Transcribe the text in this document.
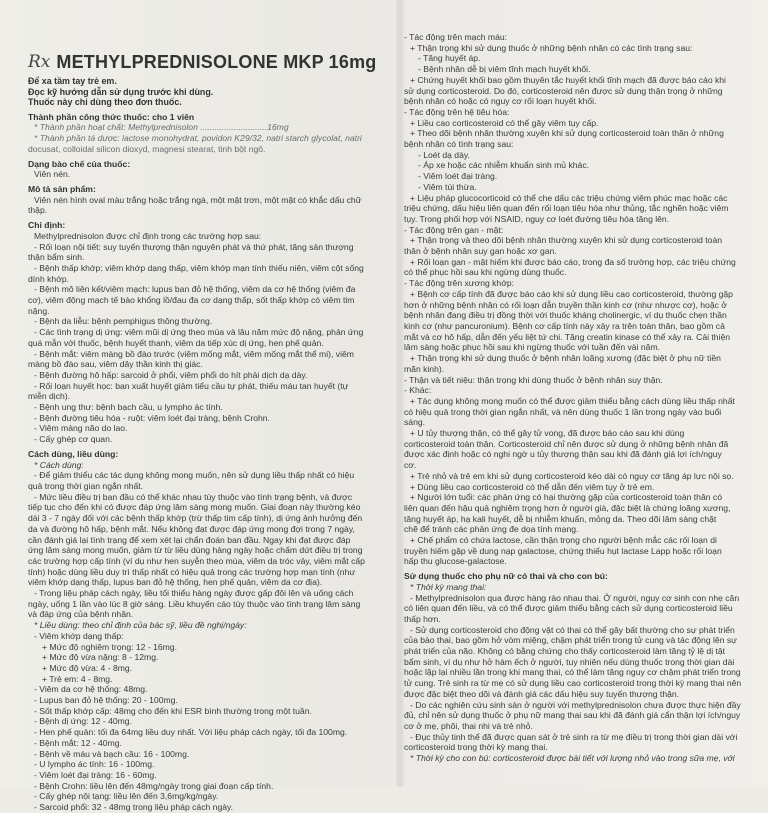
Rx METHYLPREDNISOLONE MKP 16mg
Để xa tầm tay trẻ em.
Đọc kỹ hướng dẫn sử dụng trước khi dùng.
Thuốc này chỉ dùng theo đơn thuốc.
Thành phần công thức thuốc: cho 1 viên
* Thành phần hoạt chất: Methylprednisolon ............................16mg
* Thành phần tá dược: lactose monohydrat, povidon K29/32, natri starch glycolat, natri
docusat, colloidal silicon dioxyd, magnesi stearat, tinh bột ngô.
Dạng bào chế của thuốc:
Viên nén.
Mô tả sản phẩm:
Viên nén hình oval màu trắng hoặc trắng ngà, một mặt trơn, một mặt có khắc dấu chữ
thập.
Chỉ định:
Methylprednisolon được chỉ định trong các trường hợp sau:
- Rối loạn nội tiết: suy tuyến thượng thận nguyên phát và thứ phát, tăng sản thượng
thận bẩm sinh.
- Bệnh thấp khớp: viêm khớp dạng thấp, viêm khớp mạn tính thiếu niên, viêm cột sống
dính khớp.
- Bệnh mô liên kết/viêm mạch: lupus ban đỏ hệ thống, viêm da cơ hệ thống (viêm đa
cơ), viêm động mạch tế bào khổng lồ/đau đa cơ dạng thấp, sốt thấp khớp có viêm tim
nặng.
- Bệnh da liễu: bệnh pemphigus thông thường.
- Các tình trạng dị ứng: viêm mũi dị ứng theo mùa và lâu năm mức độ nặng, phản ứng
quá mẫn với thuốc, bệnh huyết thanh, viêm da tiếp xúc dị ứng, hen phế quản.
- Bệnh mắt: viêm màng bồ đào trước (viêm mống mắt, viêm mống mắt thể mi), viêm
màng bồ đào sau, viêm dây thần kinh thị giác.
- Bệnh đường hô hấp: sarcoid ở phổi, viêm phổi do hít phải dịch dạ dày.
- Rối loạn huyết học: ban xuất huyết giảm tiểu cầu tự phát, thiếu máu tan huyết (tự
miễn dịch).
- Bệnh ung thư: bệnh bạch cầu, u lympho ác tính.
- Bệnh đường tiêu hóa - ruột: viêm loét đại tràng, bệnh Crohn.
- Viêm màng não do lao.
- Cấy ghép cơ quan.
Cách dùng, liều dùng:
* Cách dùng:
- Để giảm thiểu các tác dụng không mong muốn, nên sử dụng liều thấp nhất có hiệu
quả trong thời gian ngắn nhất.
- Mức liều điều trị ban đầu có thể khác nhau tùy thuộc vào tình trạng bệnh, và được
tiếp tục cho đến khi có được đáp ứng lâm sàng mong muốn. Giai đoạn này thường kéo
dài 3 - 7 ngày đối với các bệnh thấp khớp (trừ thấp tim cấp tính), dị ứng ảnh hưởng đến
da và đường hô hấp, bệnh mắt. Nếu không đạt được đáp ứng mong đợi trong 7 ngày,
cần đánh giá lại tình trạng để xem xét lại chẩn đoán ban đầu. Ngay khi đạt được đáp
ứng lâm sàng mong muốn, giảm từ từ liều dùng hàng ngày hoặc chấm dứt điều trị trong
các trường hợp cấp tính (ví dụ như hen suyễn theo mùa, viêm da tróc vảy, viêm mắt cấp
tính) hoặc dùng liều duy trì thấp nhất có hiệu quả trong các trường hợp mạn tính (như
viêm khớp dạng thấp, lupus ban đỏ hệ thống, hen phế quản, viêm da cơ địa).
- Trong liệu pháp cách ngày, liều tối thiểu hàng ngày được gấp đôi lên và uống cách
ngày, uống 1 lần vào lúc 8 giờ sáng. Liều khuyến cáo tùy thuộc vào tình trạng lâm sàng
và đáp ứng của bệnh nhân.
* Liều dùng: theo chỉ định của bác sỹ, liều đề nghị/ngày:
- Viêm khớp dạng thấp:
+ Mức độ nghiêm trọng: 12 - 16mg.
+ Mức độ vừa nặng: 8 - 12mg.
+ Mức độ vừa: 4 - 8mg.
+ Trẻ em: 4 - 8mg.
- Viêm da cơ hệ thống: 48mg.
- Lupus ban đỏ hệ thống: 20 - 100mg.
- Sốt thấp khớp cấp: 48mg cho đến khi ESR bình thường trong một tuần.
- Bệnh dị ứng: 12 - 40mg.
- Hen phế quản: tối đa 64mg liều duy nhất. Với liệu pháp cách ngày, tối đa 100mg.
- Bệnh mắt: 12 - 40mg.
- Bệnh về máu và bạch cầu: 16 - 100mg.
- U lympho ác tính: 16 - 100mg.
- Viêm loét đại tràng: 16 - 60mg.
- Bệnh Crohn: liều lên đến 48mg/ngày trong giai đoạn cấp tính.
- Cấy ghép nội tạng: liều lên đến 3,6mg/kg/ngày.
- Sarcoid phổi: 32 - 48mg trong liệu pháp cách ngày.
- Tác động trên mạch máu:
+ Thận trọng khi sử dụng thuốc ở những bệnh nhân có các tình trạng sau:
- Tăng huyết áp.
- Bệnh nhân dễ bị viêm tĩnh mạch huyết khối.
+ Chứng huyết khối bao gồm thuyên tắc huyết khối tĩnh mạch đã được báo cáo khi
sử dụng corticosteroid. Do đó, corticosteroid nên được sử dụng thận trọng ở những
bệnh nhân có hoặc có nguy cơ rối loạn huyết khối.
- Tác động trên hệ tiêu hóa:
+ Liều cao corticosteroid có thể gây viêm tụy cấp.
+ Theo dõi bệnh nhân thường xuyên khi sử dụng corticosteroid toàn thân ở những
bệnh nhân có tình trạng sau:
- Loét dạ dày.
- Áp xe hoặc các nhiễm khuẩn sinh mủ khác.
- Viêm loét đại tràng.
- Viêm túi thừa.
+ Liệu pháp glucocorticoid có thể che dấu các triệu chứng viêm phúc mạc hoặc các
triệu chứng, dấu hiệu liên quan đến rối loạn tiêu hóa như thủng, tắc nghẽn hoặc viêm
tụy. Trong phối hợp với NSAID, nguy cơ loét đường tiêu hóa tăng lên.
- Tác động trên gan - mật:
+ Thận trọng và theo dõi bệnh nhân thường xuyên khi sử dụng corticosteroid toàn
thân ở bệnh nhân suy gan hoặc xơ gan.
+ Rối loạn gan - mật hiếm khi được báo cáo, trong đa số trường hợp, các triệu chứng
có thể phục hồi sau khi ngừng dùng thuốc.
- Tác động trên xương khớp:
+ Bệnh cơ cấp tính đã được báo cáo khi sử dụng liều cao corticosteroid, thường gặp
hơn ở những bệnh nhân có rối loạn dẫn truyền thần kinh cơ (như nhược cơ), hoặc ở
bệnh nhân đang điều trị đồng thời với thuốc kháng cholinergic, ví dụ thuốc chẹn thần
kinh cơ (như pancuronium). Bệnh cơ cấp tính này xảy ra trên toàn thân, bao gồm cả
mắt và cơ hô hấp, dẫn đến yếu liệt tứ chi. Tăng creatin kinase có thể xảy ra. Cải thiện
lâm sàng hoặc phục hồi sau khi ngừng thuốc với tuần đến vài năm.
+ Thận trọng khi sử dụng thuốc ở bệnh nhân loãng xương (đặc biệt ở phụ nữ tiền
mãn kinh).
- Thận và tiết niệu: thận trọng khi dùng thuốc ở bệnh nhân suy thận.
- Khác:
+ Tác dụng không mong muốn có thể được giảm thiểu bằng cách dùng liều thấp nhất
có hiệu quả trong thời gian ngắn nhất, và nên dùng thuốc 1 lần trong ngày vào buổi
sáng.
+ U tủy thượng thận, có thể gây tử vong, đã được báo cáo sau khi dùng
corticosteroid toàn thân. Corticosteroid chỉ nên được sử dụng ở những bệnh nhân đã
được xác định hoặc có nghi ngờ u tủy thượng thận sau khi đã đánh giá lợi ích/nguy
cơ.
+ Trẻ nhỏ và trẻ em khi sử dụng corticosteroid kéo dài có nguy cơ tăng áp lực nội sọ.
+ Dùng liều cao corticosteroid có thể dẫn đến viêm tụy ở trẻ em.
+ Người lớn tuổi: các phản ứng có hại thường gặp của corticosteroid toàn thân có
liên quan đến hậu quả nghiêm trọng hơn ở người già, đặc biệt là chứng loãng xương,
tăng huyết áp, hạ kali huyết, dễ bị nhiễm khuẩn, mỏng da. Theo dõi lâm sàng chặt
chẽ để tránh các phản ứng đe dọa tính mạng.
+ Chế phẩm có chứa lactose, cần thận trọng cho người bệnh mắc các rối loạn di
truyền hiếm gặp về dung nạp galactose, chứng thiếu hụt lactase Lapp hoặc rối loạn
hấp thu glucose-galactose.
Sử dụng thuốc cho phụ nữ có thai và cho con bú:
* Thời kỳ mang thai:
- Methylprednisolon qua được hàng rào nhau thai. Ở người, nguy cơ sinh con nhẹ cân
có liên quan đến liều, và có thể được giảm thiểu bằng cách sử dụng corticosteroid liều
thấp hơn.
- Sử dụng corticosteroid cho động vật có thai có thể gây bất thường cho sự phát triển
của bào thai, bao gồm hở vòm miệng, chậm phát triển trong tử cung và tác động lên sự
phát triển của não. Không có bằng chứng cho thấy corticosteroid làm tăng tỷ lệ dị tật
bẩm sinh, ví dụ như hở hàm ếch ở người, tuy nhiên nếu dùng thuốc trong thời gian dài
hoặc lặp lại nhiều lần trong khi mang thai, có thể làm tăng nguy cơ chậm phát triển trong
tử cung. Trẻ sinh ra từ mẹ có sử dụng liều cao corticosteroid trong thời kỳ mang thai nên
được đặc biệt theo dõi và đánh giá các dấu hiệu suy tuyến thượng thận.
- Do các nghiên cứu sinh sản ở người với methylprednisolon chưa được thực hiện đầy
đủ, chỉ nên sử dụng thuốc ở phụ nữ mang thai sau khi đã đánh giá cẩn thận lợi ích/nguy
cơ ở mẹ, phôi, thai nhi và trẻ nhỏ.
- Đục thủy tinh thể đã được quan sát ở trẻ sinh ra từ mẹ điều trị trong thời gian dài với
corticosteroid trong thời kỳ mang thai.
* Thời kỳ cho con bú: corticosteroid được bài tiết với lượng nhỏ vào trong sữa mẹ, với
